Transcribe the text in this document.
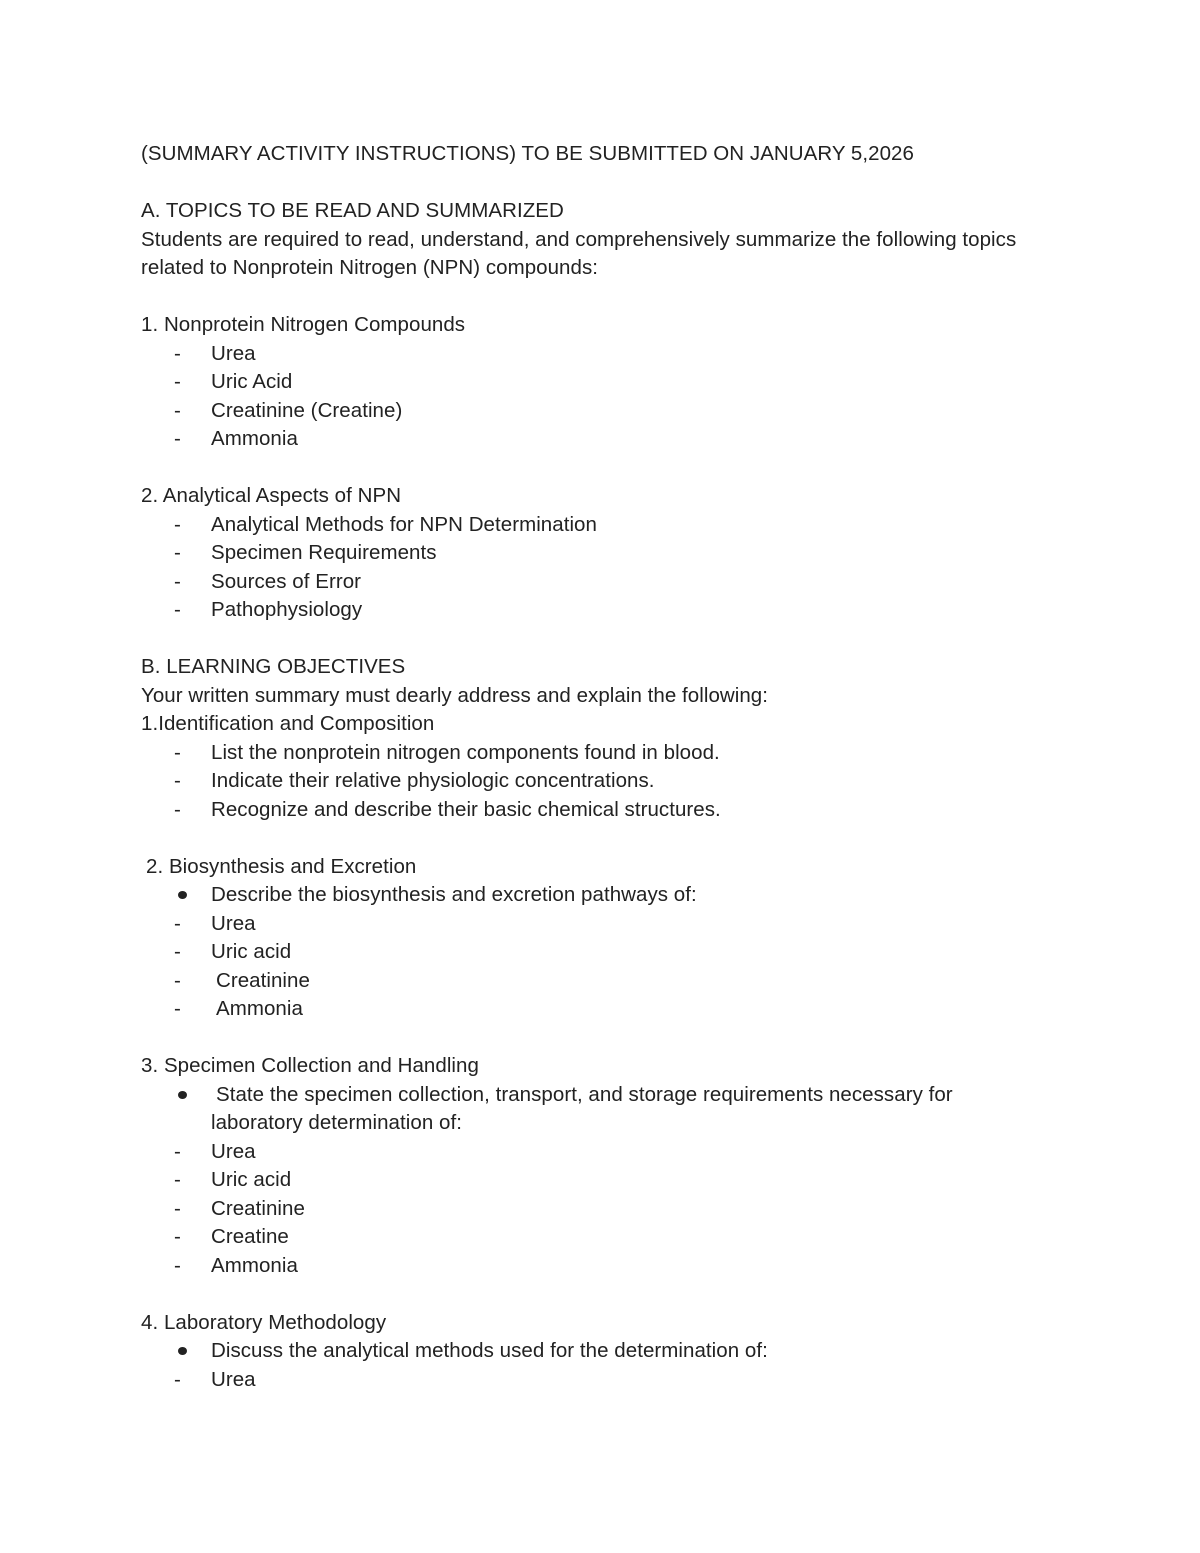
(SUMMARY ACTIVITY INSTRUCTIONS) TO BE SUBMITTED ON JANUARY 5,2026
A. TOPICS TO BE READ AND SUMMARIZED
Students are required to read, understand, and comprehensively summarize the following topics
related to Nonprotein Nitrogen (NPN) compounds:
1. Nonprotein Nitrogen Compounds
-	Urea
-	Uric Acid
-	Creatinine (Creatine)
-	Ammonia
2. Analytical Aspects of NPN
-	Analytical Methods for NPN Determination
-	Specimen Requirements
-	Sources of Error
-	Pathophysiology
B. LEARNING OBJECTIVES
Your written summary must dearly address and explain the following:
1.Identification and Composition
-	List the nonprotein nitrogen components found in blood.
-	Indicate their relative physiologic concentrations.
-	Recognize and describe their basic chemical structures.
2. Biosynthesis and Excretion
Describe the biosynthesis and excretion pathways of:
-	Urea
-	Uric acid
-	Creatinine
-	Ammonia
3. Specimen Collection and Handling
State the specimen collection, transport, and storage requirements necessary for
laboratory determination of:
-	Urea
-	Uric acid
-	Creatinine
-	Creatine
-	Ammonia
4. Laboratory Methodology
Discuss the analytical methods used for the determination of:
-	Urea
